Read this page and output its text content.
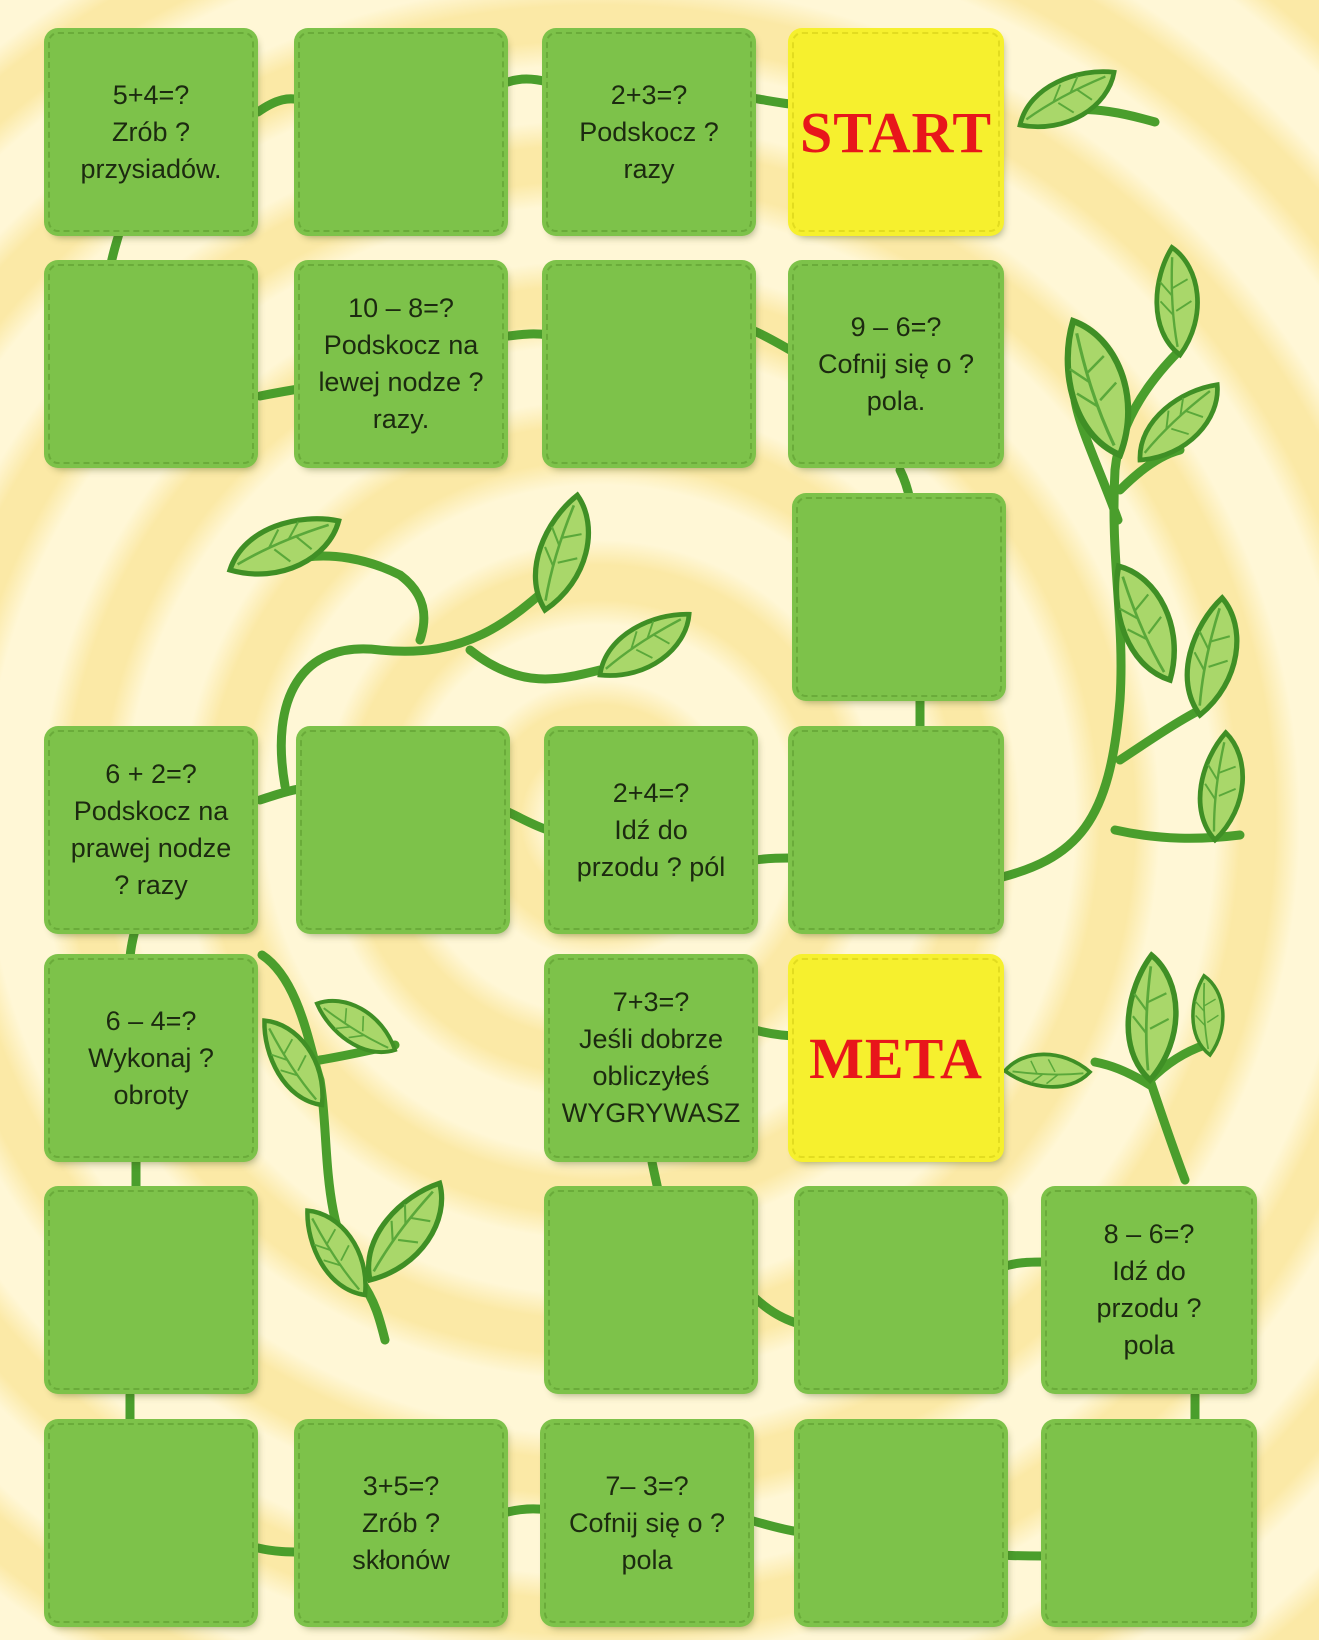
5+4=?
Zrób ?
przysiadów.
2+3=?
Podskocz ?
razy
START
10 – 8=?
Podskocz na
lewej nodze ?
razy.
9 – 6=?
Cofnij się o ?
pola.
6 + 2=?
Podskocz na
prawej nodze
? razy
2+4=?
Idź do
przodu ? pól
6 – 4=?
Wykonaj ?
obroty
7+3=?
Jeśli dobrze
obliczyłeś
WYGRYWASZ
META
8 – 6=?
Idź do
przodu ?
pola
3+5=?
Zrób ?
skłonów
7– 3=?
Cofnij się o ?
pola
